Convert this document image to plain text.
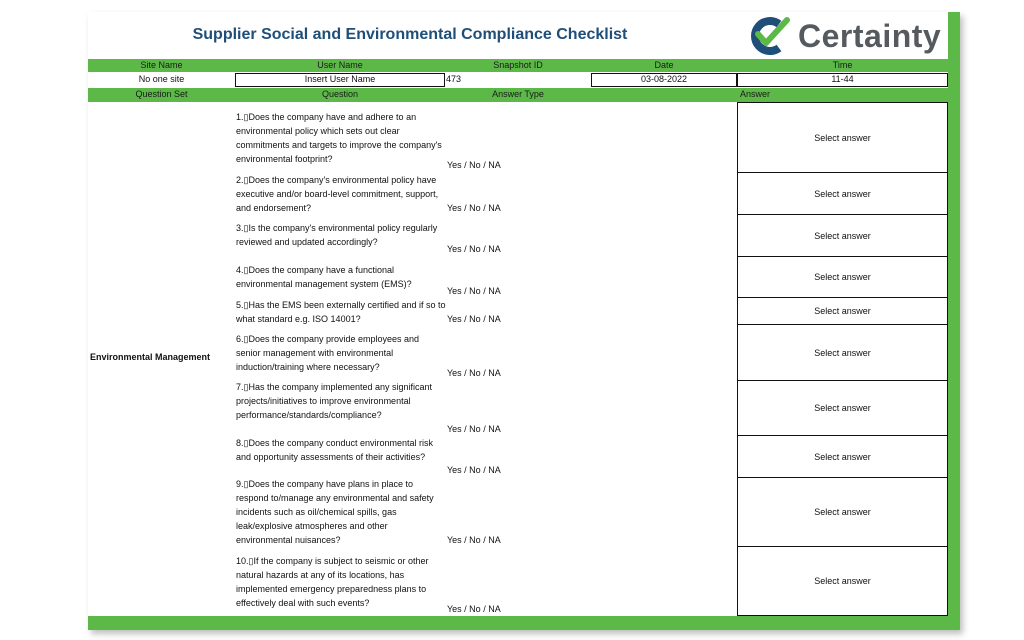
Supplier Social and Environmental Compliance Checklist	Certainty
Site Name	User Name	Snapshot ID	Date	Time
No one site	Insert User Name	473	03-08-2022	11-44
Question Set	Question	Answer Type	Answer
Environmental Management
1.▯Does the company have and adhere to an environmental policy which sets out clear commitments and targets to improve the company's environmental footprint?
Yes / No / NA
Select answer
2.▯Does the company's environmental policy have executive and/or board-level commitment, support, and endorsement?	Yes / No / NA
Select answer
3.▯Is the company's environmental policy regularly reviewed and updated accordingly?
Yes / No / NA
Select answer
4.▯Does the company have a functional environmental management system (EMS)?
Yes / No / NA
Select answer
5.▯Has the EMS been externally certified and if so to what standard e.g. ISO 14001?	Yes / No / NA
Select answer
6.▯Does the company provide employees and senior management with environmental induction/training where necessary?
Yes / No / NA
Select answer
7.▯Has the company implemented any significant projects/initiatives to improve environmental performance/standards/compliance?
Yes / No / NA
Select answer
8.▯Does the company conduct environmental risk and opportunity assessments of their activities?
Yes / No / NA
Select answer
9.▯Does the company have plans in place to respond to/manage any environmental and safety incidents such as oil/chemical spills, gas leak/explosive atmospheres and other environmental nuisances?	Yes / No / NA
Select answer
10.▯If the company is subject to seismic or other natural hazards at any of its locations, has implemented emergency preparedness plans to effectively deal with such events?
Yes / No / NA
Select answer
